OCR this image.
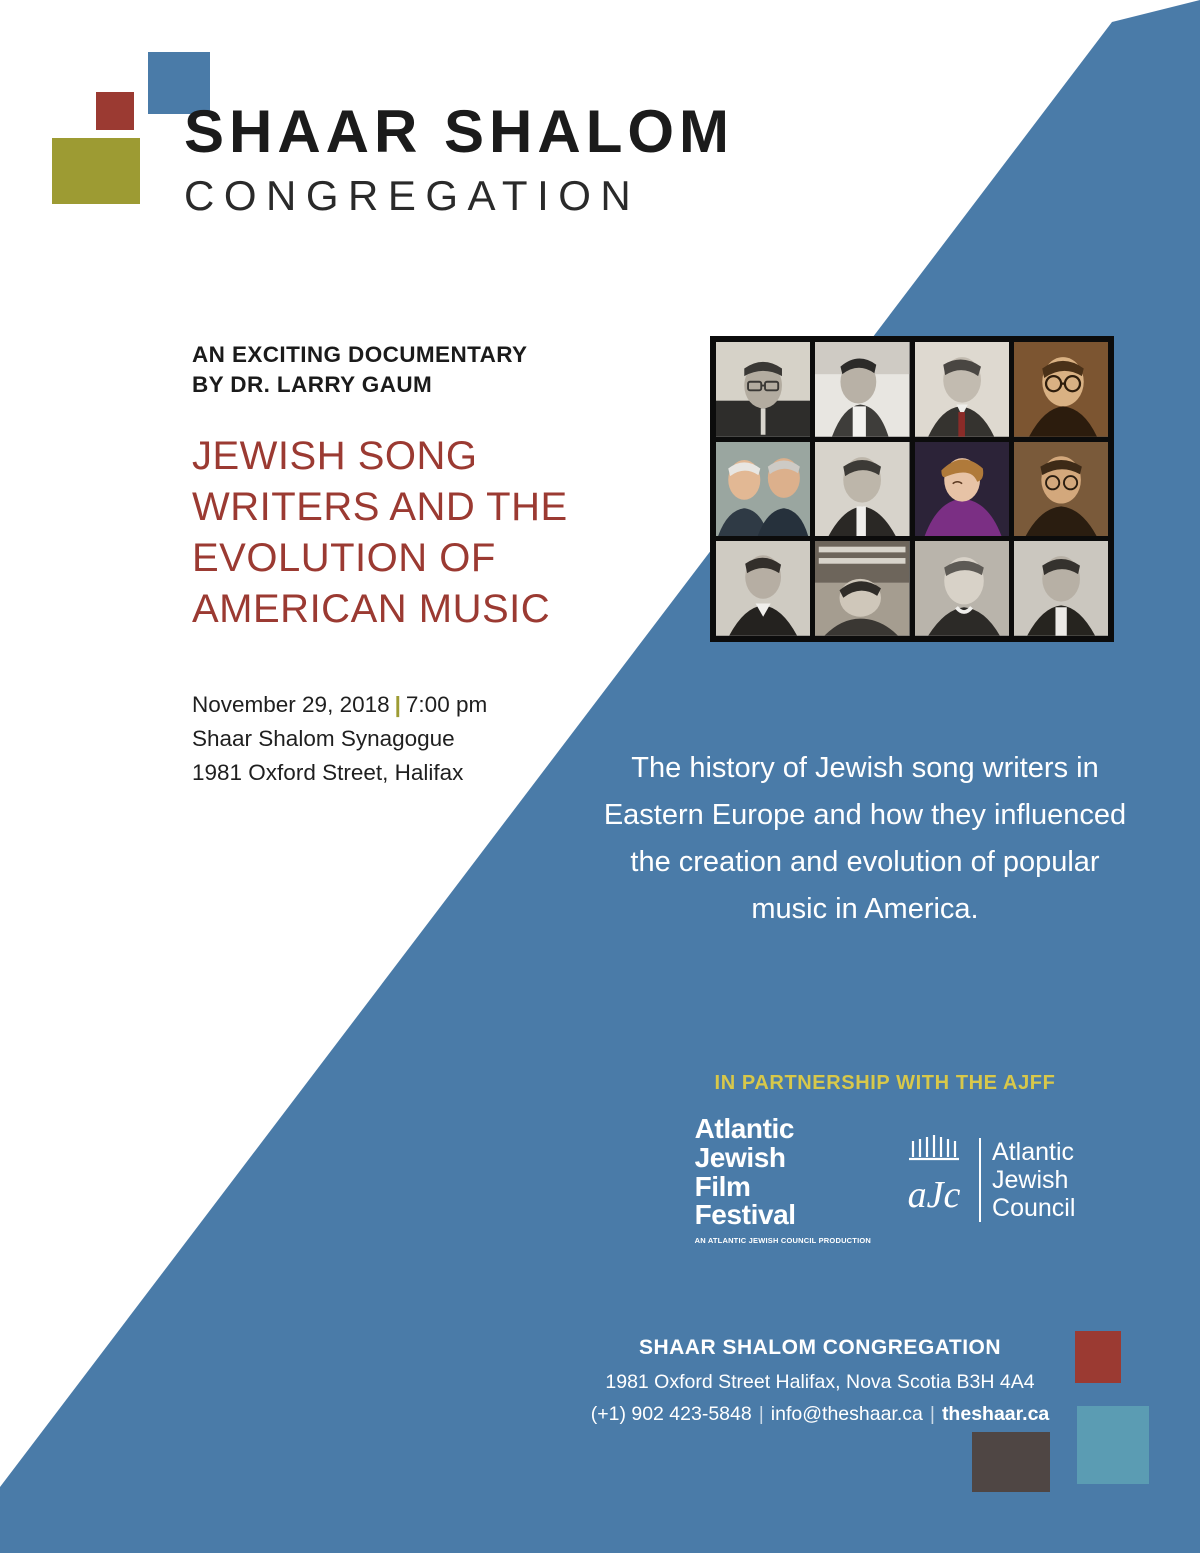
SHAAR SHALOM
CONGREGATION
AN EXCITING DOCUMENTARY
BY DR. LARRY GAUM
JEWISH SONG WRITERS AND THE EVOLUTION OF AMERICAN MUSIC
November 29, 2018 | 7:00 pm
Shaar Shalom Synagogue
1981 Oxford Street, Halifax	The history of Jewish song writers in Eastern Europe and how they influenced the creation and evolution of popular music in America.
IN PARTNERSHIP WITH THE AJFF
Atlantic
Jewish
Film
Festival
AN ATLANTIC JEWISH COUNCIL PRODUCTION
aJc
Atlantic
Jewish
Council
SHAAR SHALOM CONGREGATION
1981 Oxford Street Halifax, Nova Scotia B3H 4A4
(+1) 902 423-5848 | info@theshaar.ca | theshaar.ca
